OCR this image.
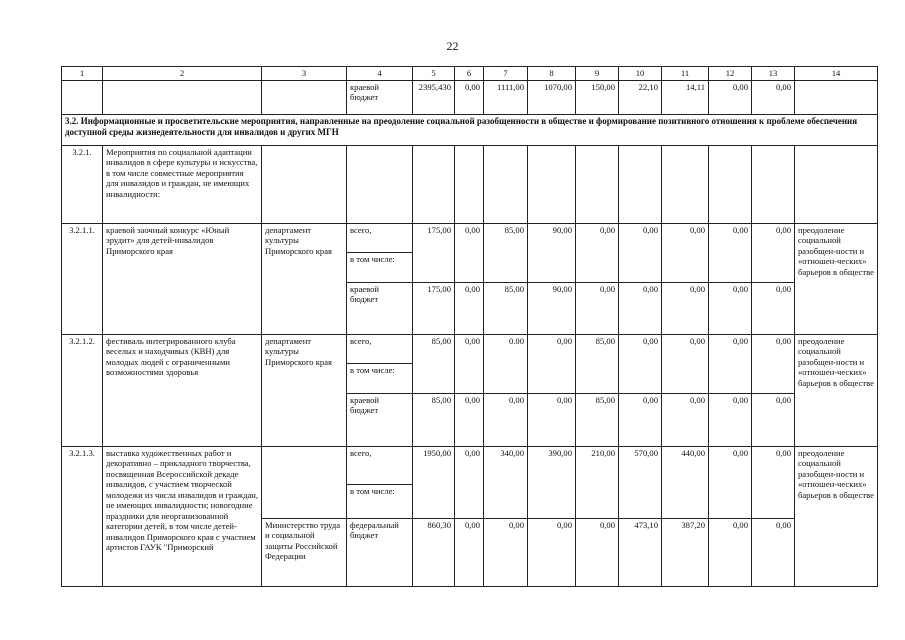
22
1	2	3	4	5	6	7	8	9	10	11	12	13	14
			краевой бюджет	2395,430	0,00	1111,00	1070,00	150,00	22,10	14,11	0,00	0,00	
3.2. Информационные и просветительские мероприятия, направленные на преодоление социальной разобщенности в обществе и формирование позитивного отношения к проблеме обеспечения доступной среды жизнедеятельности для инвалидов и других МГН													
3.2.1.	Мероприятия по социальной адаптации инвалидов в сфере культуры и искусства, в том числе совместные мероприятия для инвалидов и граждан, не имеющих инвалидности:												
3.2.1.1.	краевой заочный конкурс «Юный эрудит» для детей-инвалидов Приморского края	департамент культуры Приморского края	всего,	175,00	0,00	85,00	90,00	0,00	0,00	0,00	0,00	0,00	преодоление социальной разобщен-ности и «отношен-ческих» барьеров в обществе
			в том числе:										
			краевой бюджет	175,00	0,00	85,00	90,00	0,00	0,00	0,00	0,00	0,00	
3.2.1.2.	фестиваль интегрированного клуба веселых и находчивых (КВН) для молодых людей с ограниченными возможностями здоровья	департамент культуры Приморского края	всего,	85,00	0,00	0.00	0,00	85,00	0,00	0,00	0,00	0,00	преодоление социальной разобщен-ности и «отношен-ческих» барьеров в обществе
			в том числе:										
			краевой бюджет	85,00	0,00	0,00	0,00	85,00	0,00	0,00	0,00	0,00	
3.2.1.3.	выставка художественных работ и декоративно – прикладного творчества, посвященная Всероссийской декаде инвалидов, с участием творческой молодежи из числа инвалидов и граждан, не имеющих инвалидности; новогодние праздники для неорганизованной категории детей, в том числе детей-инвалидов Приморского края с участием артистов ГАУК "Приморский		всего,	1950,00	0,00	340,00	390,00	210,00	570,00	440,00	0,00	0,00	преодоление социальной разобщен-ности и «отношен-ческих» барьеров в обществе
			в том числе:										
		Министерство труда и социальной защиты Российской Федерации	федеральный бюджет	860,30	0,00	0,00	0,00	0,00	473,10	387,20	0,00	0,00	
